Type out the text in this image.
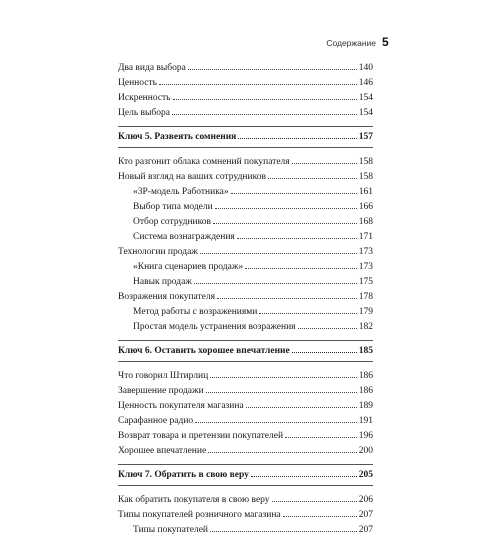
Содержание 5
Два вида выбора	140
Ценность	146
Искренность	154
Цель выбора	154
Ключ 5. Развеять сомнения	157
Кто разгонит облака сомнений покупателя	158
Новый взгляд на ваших сотрудников	158
«3P-модель Работника»	161
Выбор типа модели	166
Отбор сотрудников	168
Система вознаграждения	171
Технологии продаж	173
«Книга сценариев продаж»	173
Навык продаж	175
Возражения покупателя	178
Метод работы с возражениями	179
Простая модель устранения возражения	182
Ключ 6. Оставить хорошее впечатление	185
Что говорил Штирлиц	186
Завершение продажи	186
Ценность покупателя магазина	189
Сарафанное радио	191
Возврат товара и претензии покупателей	196
Хорошее впечатление	200
Ключ 7. Обратить в свою веру	205
Как обратить покупателя в свою веру	206
Типы покупателей розничного магазина	207
Типы покупателей	207
